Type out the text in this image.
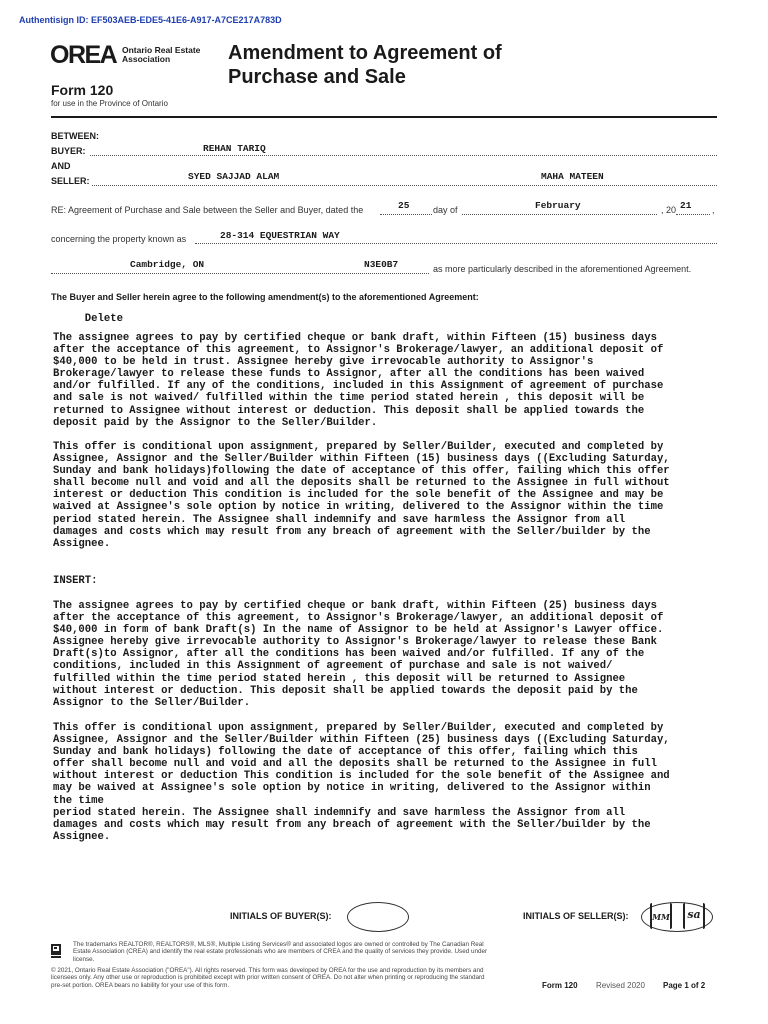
Authentisign ID: EF503AEB-EDE5-41E6-A917-A7CE217A783D
OREA Ontario Real Estate
Association
Form 120
for use in the Province of Ontario
Amendment to Agreement of
Purchase and Sale
BETWEEN:
BUYER:	REHAN TARIQ
AND
SELLER:	SYED SAJJAD ALAM	MAHA MATEEN
RE: Agreement of Purchase and Sale between the Seller and Buyer, dated the	25	day of	February	, 20 21 ,
concerning the property known as	28-314 EQUESTRIAN WAY
Cambridge, ON	N3E0B7	as more particularly described in the aforementioned Agreement.
The Buyer and Seller herein agree to the following amendment(s) to the aforementioned Agreement:
Delete
The assignee agrees to pay by certified cheque or bank draft, within Fifteen (15) business days
after the acceptance of this agreement, to Assignor's Brokerage/lawyer, an additional deposit of
$40,000 to be held in trust. Assignee hereby give irrevocable authority to Assignor's
Brokerage/lawyer to release these funds to Assignor, after all the conditions has been waived
and/or fulfilled. If any of the conditions, included in this Assignment of agreement of purchase
and sale is not waived/ fulfilled within the time period stated herein , this deposit will be
returned to Assignee without interest or deduction. This deposit shall be applied towards the
deposit paid by the Assignor to the Seller/Builder.
This offer is conditional upon assignment, prepared by Seller/Builder, executed and completed by
Assignee, Assignor and the Seller/Builder within Fifteen (15) business days ((Excluding Saturday,
Sunday and bank holidays)following the date of acceptance of this offer, failing which this offer
shall become null and void and all the deposits shall be returned to the Assignee in full without
interest or deduction This condition is included for the sole benefit of the Assignee and may be
waived at Assignee's sole option by notice in writing, delivered to the Assignor within the time
period stated herein. The Assignee shall indemnify and save harmless the Assignor from all
damages and costs which may result from any breach of agreement with the Seller/builder by the
Assignee.
INSERT:
The assignee agrees to pay by certified cheque or bank draft, within Fifteen (25) business days
after the acceptance of this agreement, to Assignor's Brokerage/lawyer, an additional deposit of
$40,000 in form of bank Draft(s) In the name of Assignor to be held at Assignor's Lawyer office.
Assignee hereby give irrevocable authority to Assignor's Brokerage/lawyer to release these Bank
Draft(s)to Assignor, after all the conditions has been waived and/or fulfilled. If any of the
conditions, included in this Assignment of agreement of purchase and sale is not waived/
fulfilled within the time period stated herein , this deposit will be returned to Assignee
without interest or deduction. This deposit shall be applied towards the deposit paid by the
Assignor to the Seller/Builder.
This offer is conditional upon assignment, prepared by Seller/Builder, executed and completed by
Assignee, Assignor and the Seller/Builder within Fifteen (25) business days ((Excluding Saturday,
Sunday and bank holidays) following the date of acceptance of this offer, failing which this
offer shall become null and void and all the deposits shall be returned to the Assignee in full
without interest or deduction This condition is included for the sole benefit of the Assignee and
may be waived at Assignee's sole option by notice in writing, delivered to the Assignor within
the time
period stated herein. The Assignee shall indemnify and save harmless the Assignor from all
damages and costs which may result from any breach of agreement with the Seller/builder by the
Assignee.
INITIALS OF BUYER(S):	INITIALS OF SELLER(S):	MM sa
The trademarks REALTOR®, REALTORS®, MLS®, Multiple Listing Services® and associated logos are owned or controlled by The Canadian Real Estate Association (CREA) and identify the real estate professionals who are members of CREA and the quality of services they provide. Used under license.
© 2021, Ontario Real Estate Association ("OREA"). All rights reserved. This form was developed by OREA for the use and reproduction by its members and licensees only. Any other use or reproduction is prohibited except with prior written consent of OREA. Do not alter when printing or reproducing the standard pre-set portion. OREA bears no liability for your use of this form.	Form 120 Revised 2020 Page 1 of 2
